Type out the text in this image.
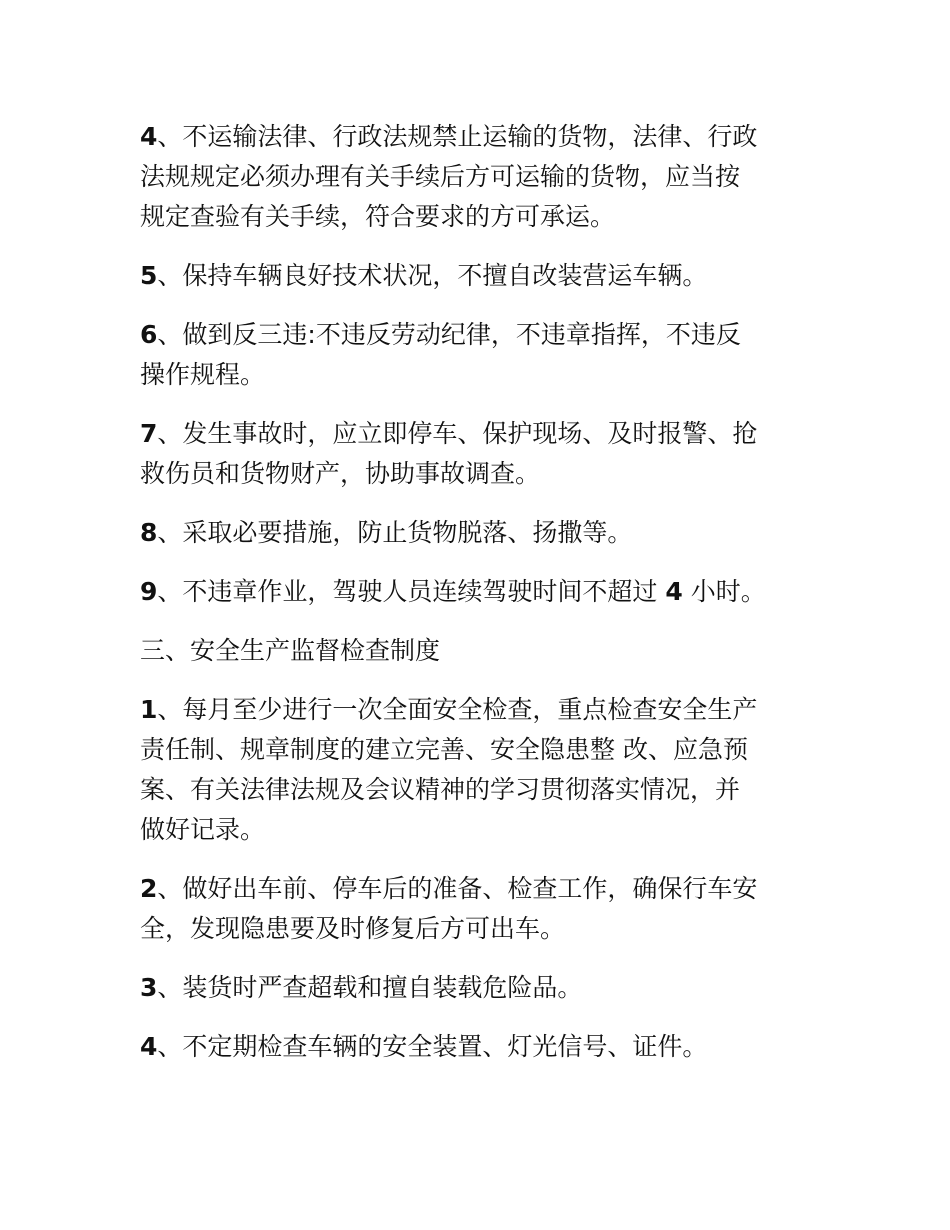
4、不运输法律、行政法规禁止运输的货物，法律、行政
法规规定必须办理有关手续后方可运输的货物，应当按
规定查验有关手续，符合要求的方可承运。

5、保持车辆良好技术状况，不擅自改装营运车辆。

6、做到反三违:不违反劳动纪律，不违章指挥，不违反
操作规程。

7、发生事故时，应立即停车、保护现场、及时报警、抢
救伤员和货物财产，协助事故调查。

8、采取必要措施，防止货物脱落、扬撒等。

9、不违章作业，驾驶人员连续驾驶时间不超过 4 小时。

三、安全生产监督检查制度

1、每月至少进行一次全面安全检查，重点检查安全生产
责任制、规章制度的建立完善、安全隐患整 改、应急预
案、有关法律法规及会议精神的学习贯彻落实情况，并
做好记录。

2、做好出车前、停车后的准备、检查工作，确保行车安
全，发现隐患要及时修复后方可出车。

3、装货时严查超载和擅自装载危险品。

4、不定期检查车辆的安全装置、灯光信号、证件。
